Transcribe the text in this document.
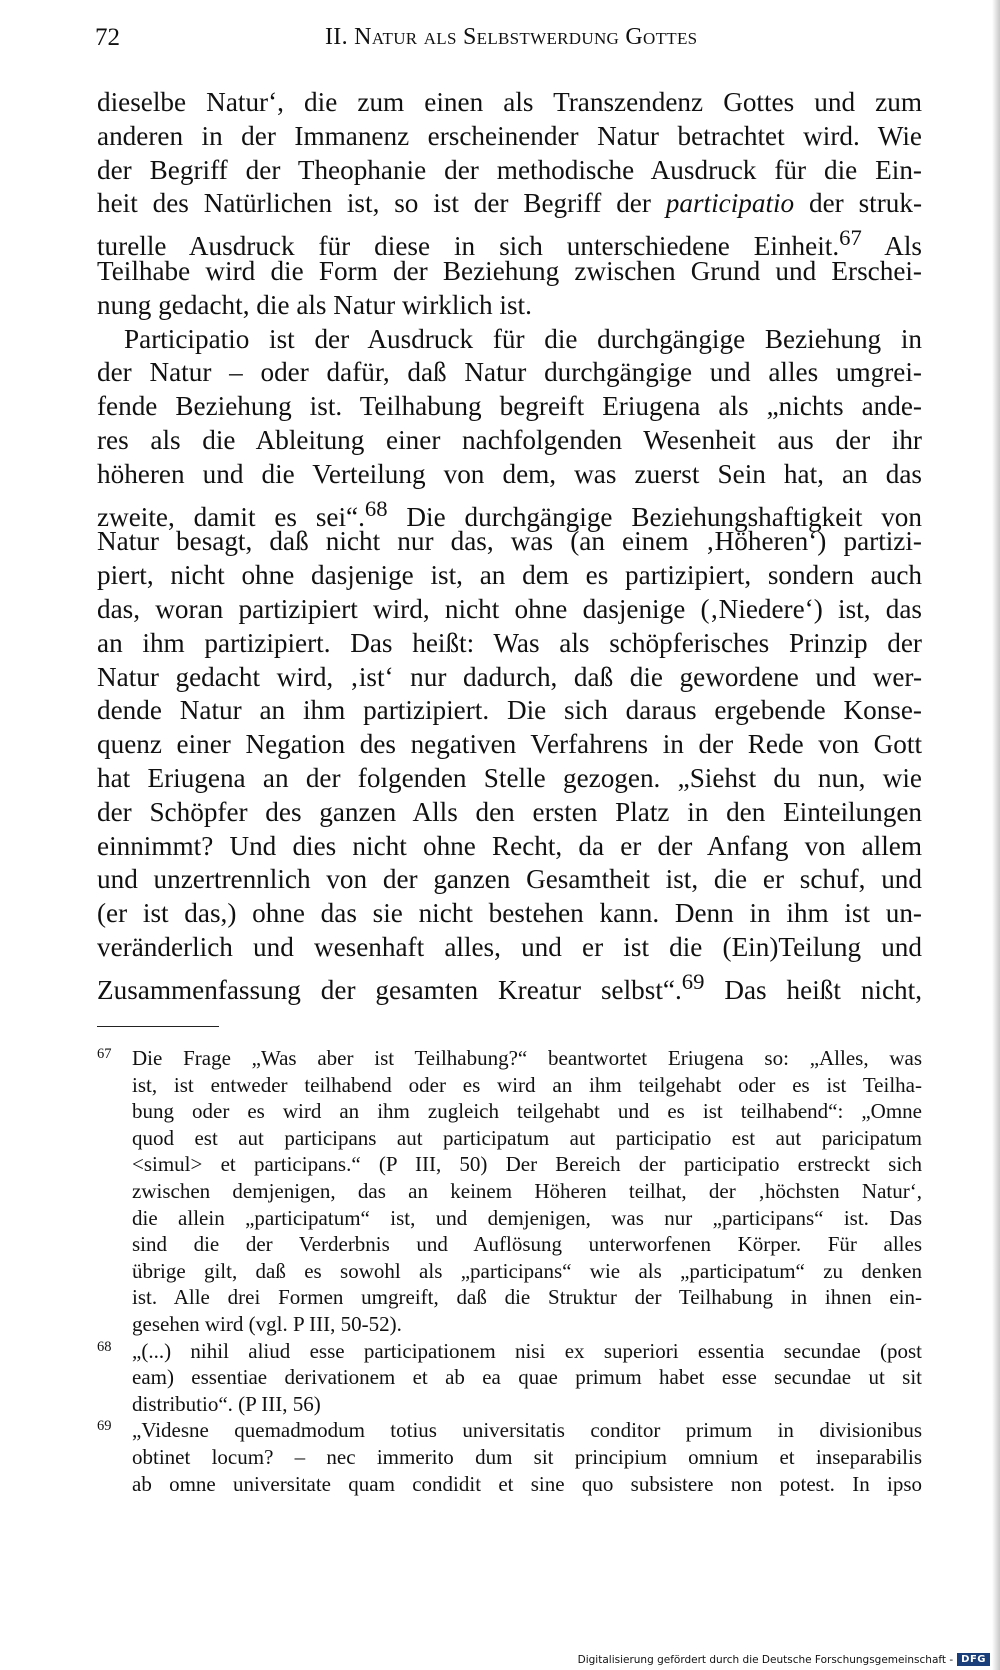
72	II. Natur als Selbstwerdung Gottes
dieselbe Natur‘, die zum einen als Transzendenz Gottes und zum
anderen in der Immanenz erscheinender Natur betrachtet wird. Wie
der Begriff der Theophanie der methodische Ausdruck für die Ein-
heit des Natürlichen ist, so ist der Begriff der participatio der struk-
turelle Ausdruck für diese in sich unterschiedene Einheit.$^{67}$ Als
Teilhabe wird die Form der Beziehung zwischen Grund und Erschei-
nung gedacht, die als Natur wirklich ist.
Participatio ist der Ausdruck für die durchgängige Beziehung in
der Natur – oder dafür, daß Natur durchgängige und alles umgrei-
fende Beziehung ist. Teilhabung begreift Eriugena als „nichts ande-
res als die Ableitung einer nachfolgenden Wesenheit aus der ihr
höheren und die Verteilung von dem, was zuerst Sein hat, an das
zweite, damit es sei“.$^{68}$ Die durchgängige Beziehungshaftigkeit von
Natur besagt, daß nicht nur das, was (an einem ‚Höheren‘) partizi-
piert, nicht ohne dasjenige ist, an dem es partizipiert, sondern auch
das, woran partizipiert wird, nicht ohne dasjenige (‚Niedere‘) ist, das
an ihm partizipiert. Das heißt: Was als schöpferisches Prinzip der
Natur gedacht wird, ‚ist‘ nur dadurch, daß die gewordene und wer-
dende Natur an ihm partizipiert. Die sich daraus ergebende Konse-
quenz einer Negation des negativen Verfahrens in der Rede von Gott
hat Eriugena an der folgenden Stelle gezogen. „Siehst du nun, wie
der Schöpfer des ganzen Alls den ersten Platz in den Einteilungen
einnimmt? Und dies nicht ohne Recht, da er der Anfang von allem
und unzertrennlich von der ganzen Gesamtheit ist, die er schuf, und
(er ist das,) ohne das sie nicht bestehen kann. Denn in ihm ist un-
veränderlich und wesenhaft alles, und er ist die (Ein)Teilung und
Zusammenfassung der gesamten Kreatur selbst“.$^{69}$ Das heißt nicht,
67 Die Frage „Was aber ist Teilhabung?“ beantwortet Eriugena so: „Alles, was
ist, ist entweder teilhabend oder es wird an ihm teilgehabt oder es ist Teilha-
bung oder es wird an ihm zugleich teilgehabt und es ist teilhabend“: „Omne
quod est aut participans aut participatum aut participatio est aut paricipatum
<simul> et participans.“ (P III, 50) Der Bereich der participatio erstreckt sich
zwischen demjenigen, das an keinem Höheren teilhat, der ‚höchsten Natur‘,
die allein „participatum“ ist, und demjenigen, was nur „participans“ ist. Das
sind die der Verderbnis und Auflösung unterworfenen Körper. Für alles
übrige gilt, daß es sowohl als „participans“ wie als „participatum“ zu denken
ist. Alle drei Formen umgreift, daß die Struktur der Teilhabung in ihnen ein-
gesehen wird (vgl. P III, 50-52).
68 „(...) nihil aliud esse participationem nisi ex superiori essentia secundae (post
eam) essentiae derivationem et ab ea quae primum habet esse secundae ut sit
distributio“. (P III, 56)
69 „Videsne quemadmodum totius universitatis conditor primum in divisionibus
obtinet locum? – nec immerito dum sit principium omnium et inseparabilis
ab omne universitate quam condidit et sine quo subsistere non potest. In ipso
Digitalisierung gefördert durch die Deutsche Forschungsgemeinschaft - DFG
